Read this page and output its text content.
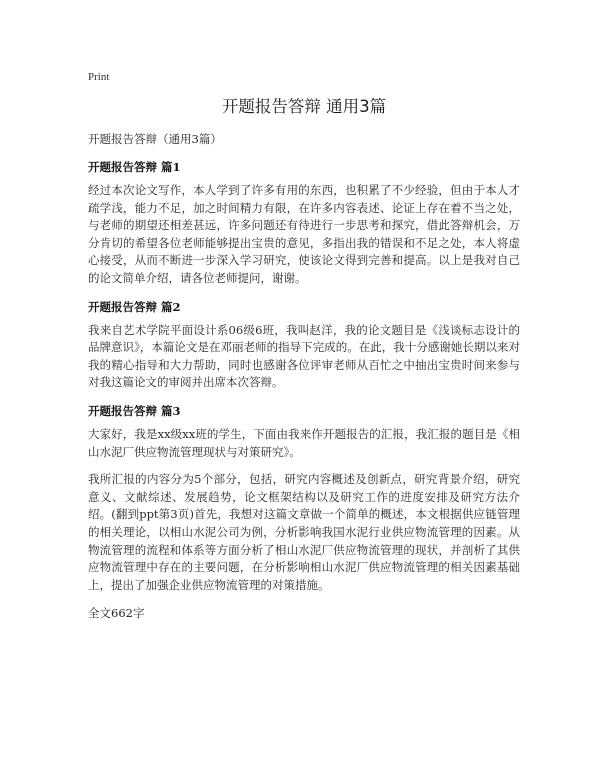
Print
开题报告答辩 通用3篇

开题报告答辩（通用3篇）

开题报告答辩 篇1

经过本次论文写作，本人学到了许多有用的东西，也积累了不少经验，但由于本人才疏学浅，能力不足，加之时间精力有限，在许多内容表述、论证上存在着不当之处，与老师的期望还相差甚远，许多问题还有待进行一步思考和探究，借此答辩机会，万分肯切的希望各位老师能够提出宝贵的意见，多指出我的错误和不足之处，本人将虚心接受，从而不断进一步深入学习研究，使该论文得到完善和提高。以上是我对自己的论文简单介绍，请各位老师提问，谢谢。

开题报告答辩 篇2

我来自艺术学院平面设计系06级6班，我叫赵洋，我的论文题目是《浅谈标志设计的品牌意识》，本篇论文是在邓丽老师的指导下完成的。在此，我十分感谢她长期以来对我的精心指导和大力帮助，同时也感谢各位评审老师从百忙之中抽出宝贵时间来参与对我这篇论文的审阅并出席本次答辩。

开题报告答辩 篇3

大家好，我是xx级xx班的学生，下面由我来作开题报告的汇报，我汇报的题目是《相山水泥厂供应物流管理现状与对策研究》。

我所汇报的内容分为5个部分，包括，研究内容概述及创新点，研究背景介绍，研究意义、文献综述、发展趋势，论文框架结构以及研究工作的进度安排及研究方法介绍。(翻到ppt第3页)首先，我想对这篇文章做一个简单的概述，本文根据供应链管理的相关理论，以相山水泥公司为例，分析影响我国水泥行业供应物流管理的因素。从物流管理的流程和体系等方面分析了相山水泥厂供应物流管理的现状，并剖析了其供应物流管理中存在的主要问题，在分析影响相山水泥厂供应物流管理的相关因素基础上，提出了加强企业供应物流管理的对策措施。

全文662字
